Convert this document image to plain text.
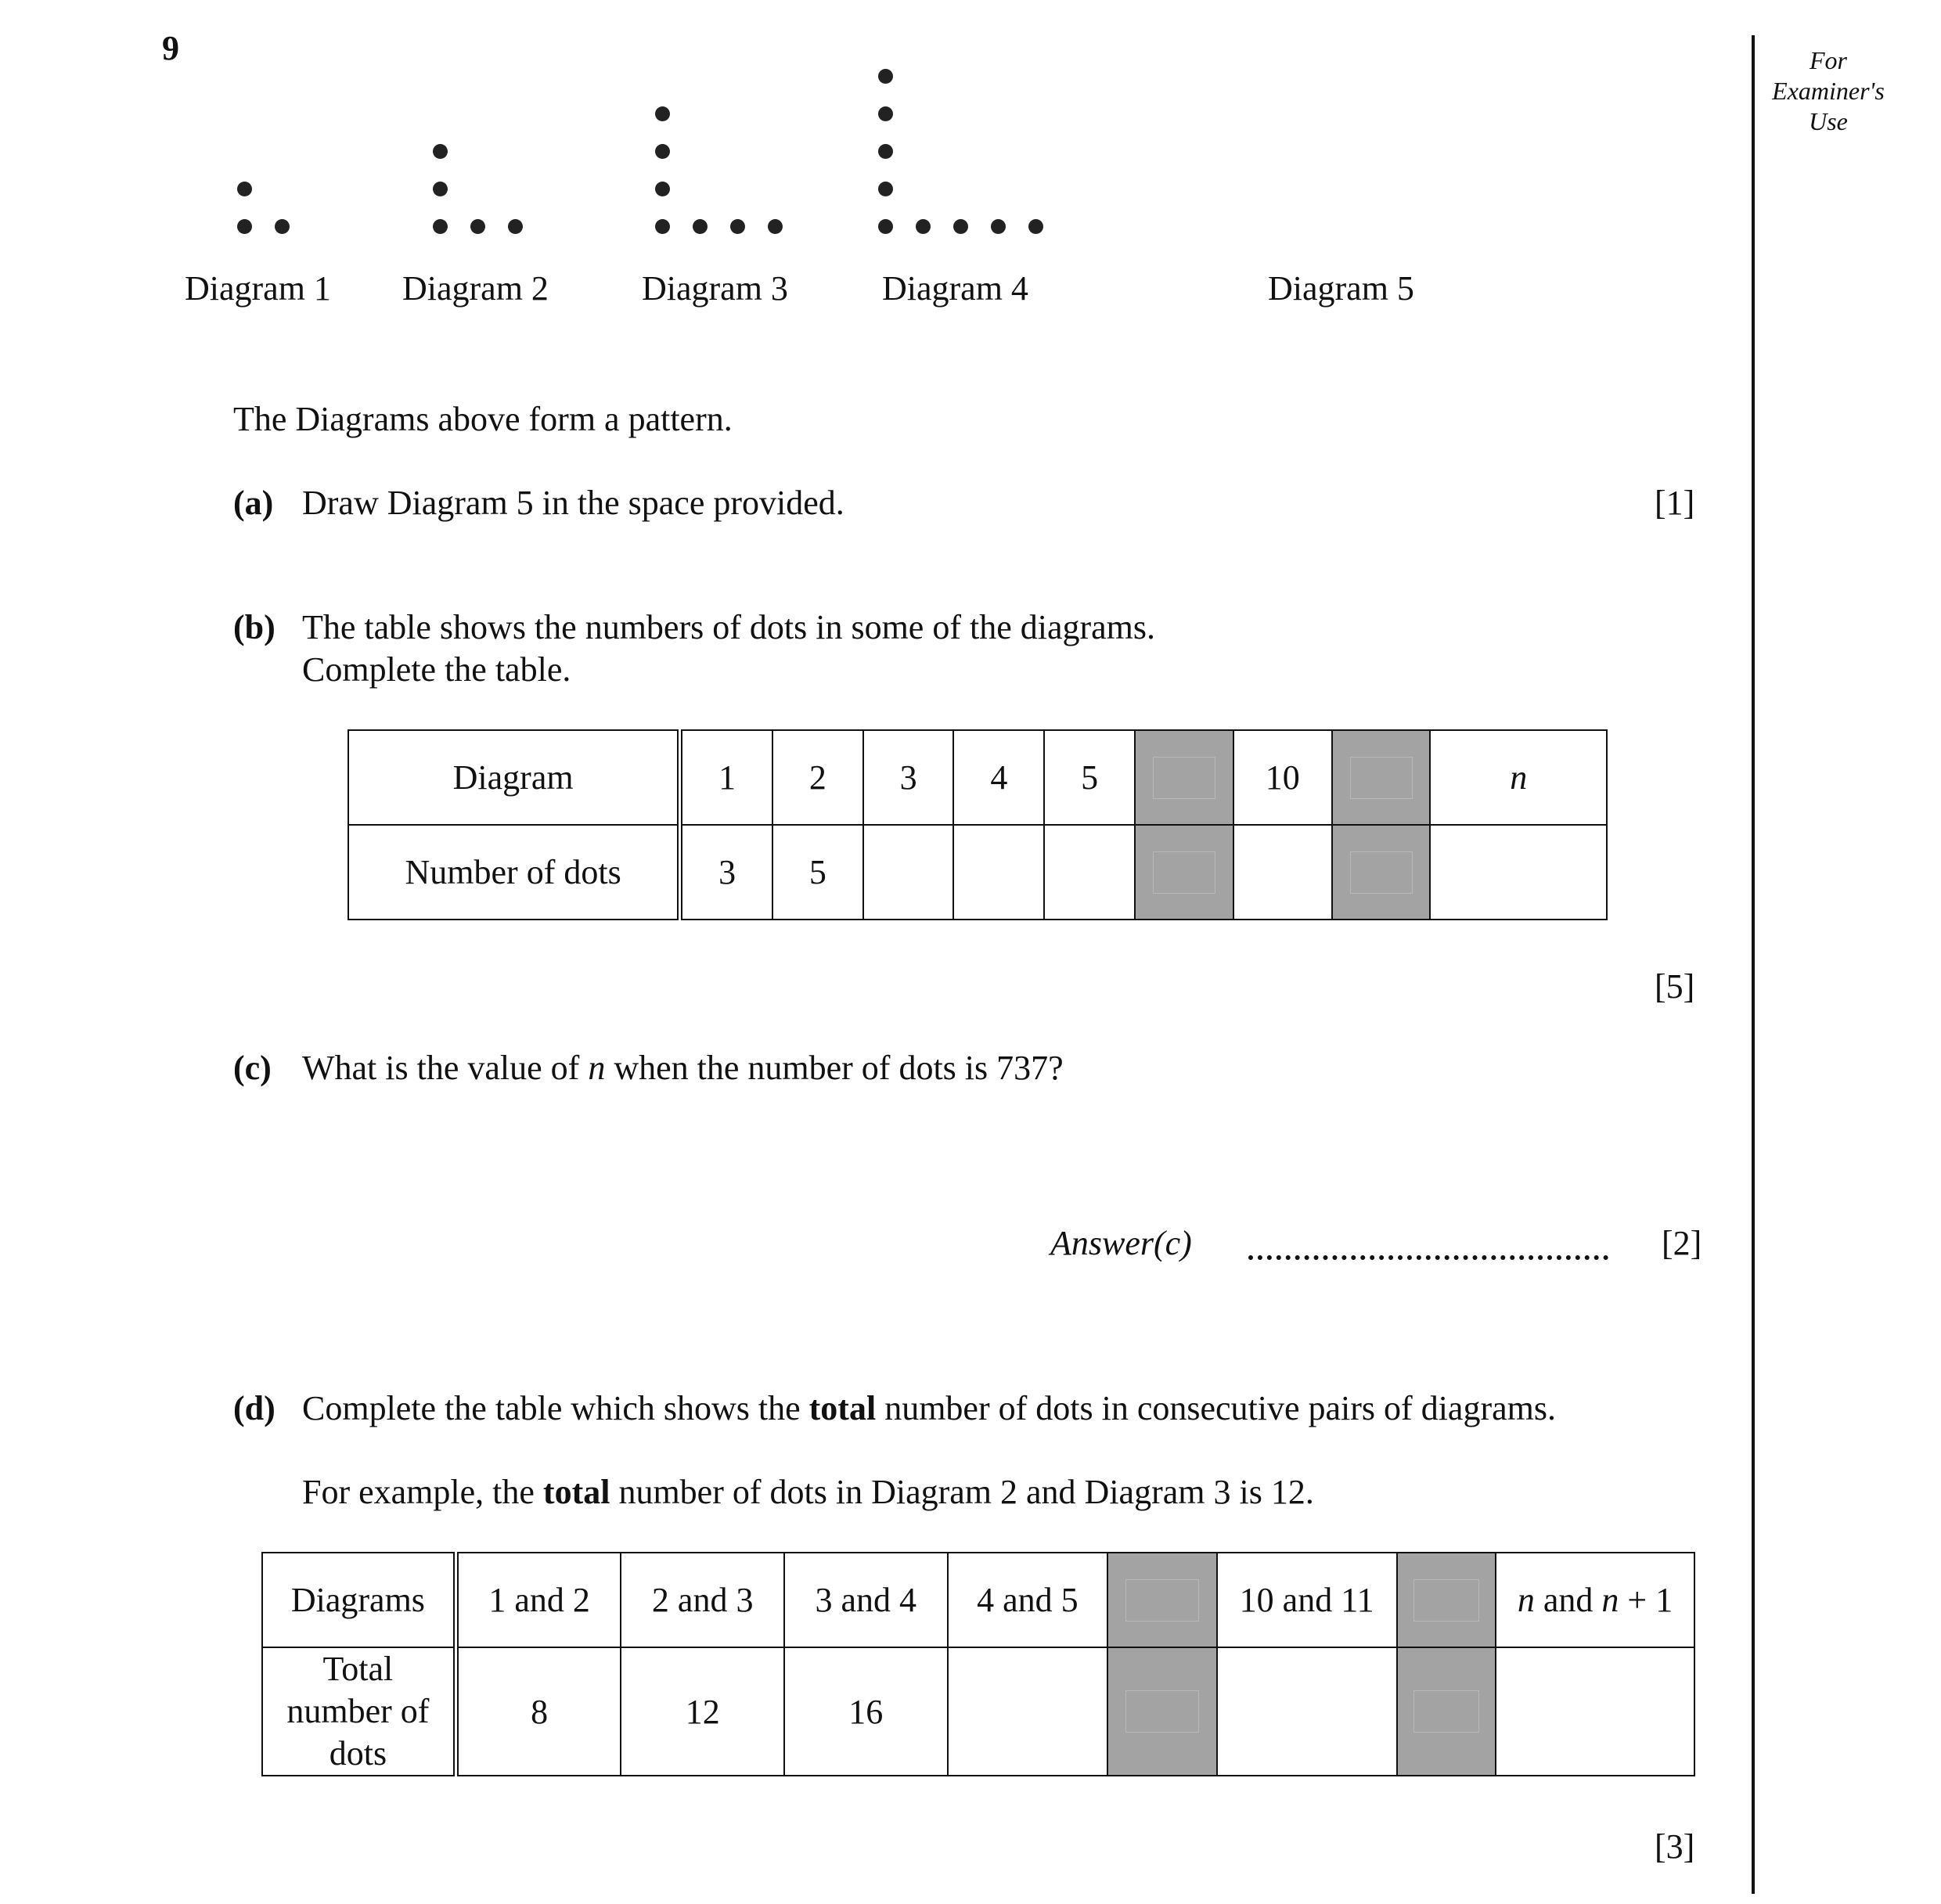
9	For
Examiner's
Use
Diagram 1 Diagram 2	Diagram 3	Diagram 4	Diagram 5
The Diagrams above form a pattern.
(a) Draw Diagram 5 in the space provided.	[1]
(b) The table shows the numbers of dots in some of the diagrams.
Complete the table.
Diagram	1	2	3	4	5		10		n
Number of dots	3	5				

[5]
(c) What is the value of n when the number of dots is 737?
Answer(c)	[2]
(d) Complete the table which shows the total number of dots in consecutive pairs of diagrams.
For example, the total number of dots in Diagram 2 and Diagram 3 is 12.
Diagrams	1 and 2	2 and 3	3 and 4	4 and 5		10 and 11		n and n + 1

Total
number of
dots	8	12	16		

[3]
